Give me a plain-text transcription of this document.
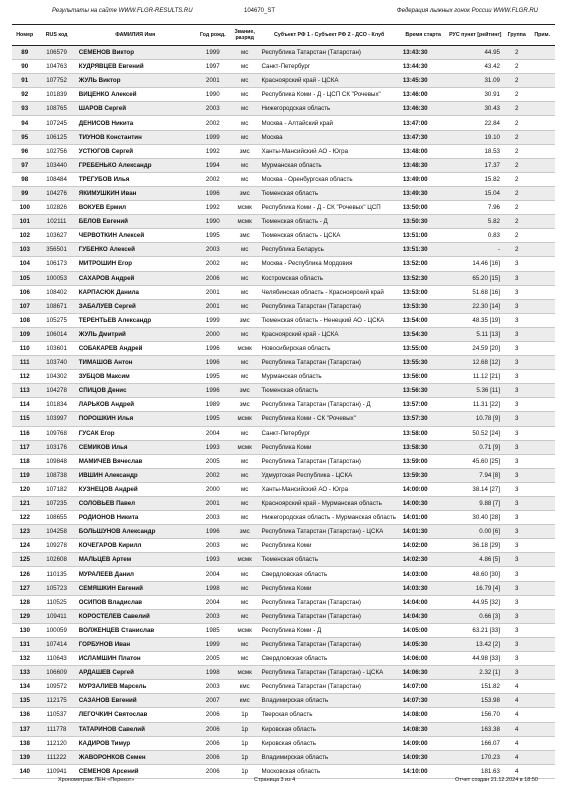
Результаты на сайте WWW.FLGR-RESULTS.RU	104670_ST	Федерация лыжных гонок России WWW.FLGR.RU
Номер	RUS код	ФАМИЛИЯ Имя	Год рожд.	Звание, разряд	Субъект РФ 1 - Субъект РФ 2 - ДСО - Клуб	Время старта	РУС пункт [рейтинг]	Группа	Прим.
89	106579	СЕМЕНОВ Виктор	1999	мс	Республика Татарстан (Татарстан)	13:43:30	44.95	2	
90	104763	КУДРЯВЦЕВ Евгений	1997	мс	Санкт-Петербург	13:44:30	43.42	2	
91	107752	ЖУЛЬ Виктор	2001	мс	Красноярский край - ЦСКА	13:45:30	31.09	2	
92	101839	ВИЦЕНКО Алексей	1990	мс	Республика Коми - Д - ЦСП СК "Рочевых"	13:46:00	30.91	2	
93	108765	ШАРОВ Сергей	2003	мс	Нижегородская область	13:46:30	30.43	2	
94	107245	ДЕНИСОВ Никита	2002	мс	Москва - Алтайский край	13:47:00	22.84	2	
95	106125	ТИУНОВ Константин	1999	мс	Москва	13:47:30	19.10	2	
96	102756	УСТЮГОВ Сергей	1992	змс	Ханты-Мансийский АО - Югра	13:48:00	18.53	2	
97	103440	ГРЕБЕНЬКО Александр	1994	мс	Мурманская область	13:48:30	17.37	2	
98	108484	ТРЕГУБОВ Илья	2002	мс	Москва - Оренбургская область	13:49:00	15.82	2	
99	104276	ЯКИМУШКИН Иван	1996	змс	Тюменская область	13:49:30	15.04	2	
100	102826	ВОКУЕВ Ермил	1992	мсмк	Республика Коми - Д - СК "Рочевых" ЦСП	13:50:00	7.96	2	
101	102111	БЕЛОВ Евгений	1990	мсмк	Тюменская область - Д	13:50:30	5.82	2	
102	103627	ЧЕРВОТКИН Алексей	1995	змс	Тюменская область - ЦСКА	13:51:00	0.83	2	
103	356501	ГУБЕНКО Алексей	2003	мс	Республика Беларусь	13:51:30	-	2	
104	106173	МИТРОШИН Егор	2002	мс	Москва - Республика Мордовия	13:52:00	14.46 [16]	3	
105	100053	САХАРОВ Андрей	2006	мс	Костромская область	13:52:30	65.20 [15]	3	
106	108402	КАРПАСЮК Данила	2001	мс	Челябинская область - Красноярский край	13:53:00	51.68 [16]	3	
107	108671	ЗАБАЛУЕВ Сергей	2001	мс	Республика Татарстан (Татарстан)	13:53:30	22.30 [14]	3	
108	105275	ТЕРЕНТЬЕВ Александр	1999	змс	Тюменская область - Ненецкий АО - ЦСКА	13:54:00	48.35 [19]	3	
109	106014	ЖУЛЬ Дмитрий	2000	мс	Красноярский край - ЦСКА	13:54:30	5.11 [13]	3	
110	103601	СОБАКАРЕВ Андрей	1996	мсмк	Новосибирская область	13:55:00	24.59 [20]	3	
111	103740	ТИМАШОВ Антон	1996	мс	Республика Татарстан (Татарстан)	13:55:30	12.68 [12]	3	
112	104302	ЗУБЦОВ Максим	1995	мс	Мурманская область	13:56:00	11.12 [21]	3	
113	104278	СПИЦОВ Денис	1996	змс	Тюменская область	13:56:30	5.36 [11]	3	
114	101834	ЛАРЬКОВ Андрей	1989	змс	Республика Татарстан (Татарстан) - Д	13:57:00	11.31 [22]	3	
115	103997	ПОРОШКИН Илья	1995	мсмк	Республика Коми - СК "Рочевых"	13:57:30	10.78 [9]	3	
116	109768	ГУСАК Егор	2004	мс	Санкт-Петербург	13:58:00	50.52 [24]	3	
117	103176	СЕМИКОВ Илья	1993	мсмк	Республика Коми	13:58:30	0.71 [9]	3	
118	109848	МАМИЧЕВ Вячеслав	2005	мс	Республика Татарстан (Татарстан)	13:59:00	45.60 [25]	3	
119	108738	ИВШИН Александр	2002	мс	Удмуртская Республика - ЦСКА	13:59:30	7.94 [8]	3	
120	107182	КУЗНЕЦОВ Андрей	2000	мс	Ханты-Мансийский АО - Югра	14:00:00	38.14 [27]	3	
121	107235	СОЛОВЬЕВ Павел	2001	мс	Красноярский край - Мурманская область	14:00:30	9.88 [7]	3	
122	108655	РОДИОНОВ Никита	2003	мс	Нижегородская область - Мурманская область	14:01:00	30.40 [28]	3	
123	104258	БОЛЬШУНОВ Александр	1996	змс	Республика Татарстан (Татарстан) - ЦСКА	14:01:30	0.00 [6]	3	
124	109278	КОЧЕГАРОВ Кирилл	2003	мс	Республика Коми	14:02:00	36.18 [29]	3	
125	102608	МАЛЬЦЕВ Артем	1993	мсмк	Тюменская область	14:02:30	4.86 [5]	3	
126	110135	МУРАЛЕЕВ Данил	2004	мс	Свердловская область	14:03:00	48.60 [30]	3	
127	105723	СЕМЯШКИН Евгений	1998	мс	Республика Коми	14:03:30	16.79 [4]	3	
128	110525	ОСИПОВ Владислав	2004	мс	Республика Татарстан (Татарстан)	14:04:00	44.95 [32]	3	
129	109411	КОРОСТЕЛЕВ Савелий	2003	мс	Республика Татарстан (Татарстан)	14:04:30	0.66 [3]	3	
130	100059	ВОЛЖЕНЦЕВ Станислав	1985	мсмк	Республика Коми - Д	14:05:00	63.21 [33]	3	
131	107414	ГОРБУНОВ Иван	1999	мс	Республика Татарстан (Татарстан)	14:05:30	13.42 [2]	3	
132	110643	ИСЛАМШИН Платон	2005	мс	Свердловская область	14:06:00	44.98 [33]	3	
133	106609	АРДАШЕВ Сергей	1998	мсмк	Республика Татарстан (Татарстан) - ЦСКА	14:06:30	2.32 [1]	3	
134	109572	МУРЗАЛИЕВ Марсель	2003	кмс	Республика Татарстан (Татарстан)	14:07:00	151.82	4	
135	112175	САЗАНОВ Евгений	2007	кмс	Владимирская область	14:07:30	153.98	4	
136	110537	ЛЕГОЧКИН Святослав	2006	1р	Тверская область	14:08:00	156.70	4	
137	111778	ТАТАРИНОВ Савелий	2006	1р	Кировская область	14:08:30	163.38	4	
138	112120	КАДИРОВ Тимур	2006	1р	Кировская область	14:09:00	166.07	4	
139	111222	ЖАВОРОНКОВ Семен	2006	1р	Владимирская область	14:09:30	170.23	4	
140	110941	СЕМЕНОВ Арсений	2006	1р	Московская область	14:10:00	181.63	4	
Хронометраж ЛЕН «Перекот»	Страница 3 из 4	Отчет создан 21.12.2024 в 18:50
